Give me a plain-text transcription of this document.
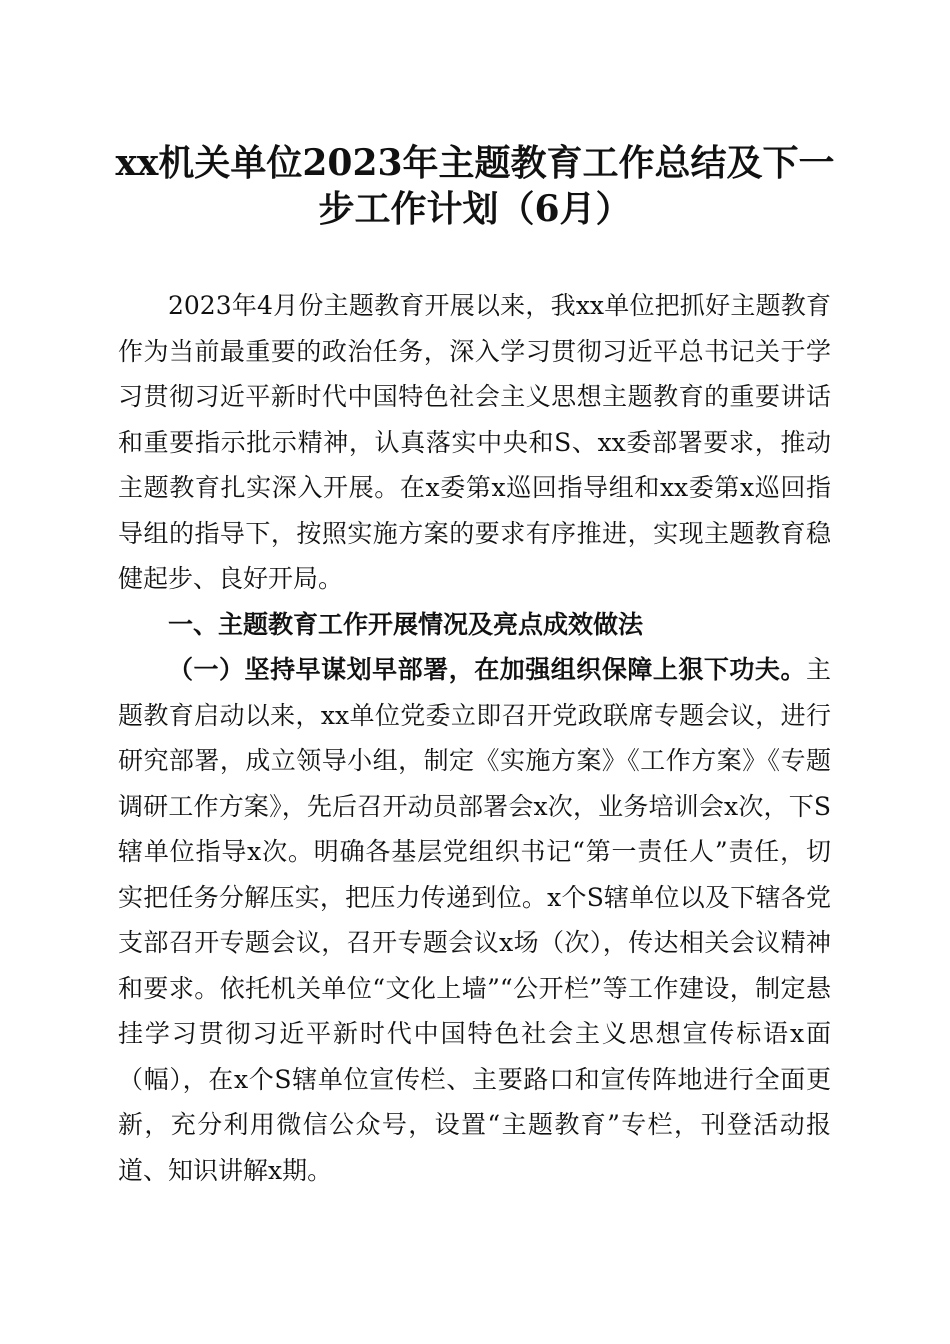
xx机关单位2023年主题教育工作总结及下一步工作计划（6月）

2023年4月份主题教育开展以来，我xx单位把抓好主题教育作为当前最重要的政治任务，深入学习贯彻习近平总书记关于学习贯彻习近平新时代中国特色社会主义思想主题教育的重要讲话和重要指示批示精神，认真落实中央和S、xx委部署要求，推动主题教育扎实深入开展。在x委第x巡回指导组和xx委第x巡回指导组的指导下，按照实施方案的要求有序推进，实现主题教育稳健起步、良好开局。

一、主题教育工作开展情况及亮点成效做法

（一）坚持早谋划早部署，在加强组织保障上狠下功夫。主题教育启动以来，xx单位党委立即召开党政联席专题会议，进行研究部署，成立领导小组，制定《实施方案》《工作方案》《专题调研工作方案》，先后召开动员部署会x次，业务培训会x次，下S辖单位指导x次。明确各基层党组织书记“第一责任人”责任，切实把任务分解压实，把压力传递到位。x个S辖单位以及下辖各党支部召开专题会议，召开专题会议x场（次），传达相关会议精神和要求。依托机关单位“文化上墙”“公开栏”等工作建设，制定悬挂学习贯彻习近平新时代中国特色社会主义思想宣传标语x面（幅），在x个S辖单位宣传栏、主要路口和宣传阵地进行全面更新，充分利用微信公众号，设置“主题教育”专栏，刊登活动报道、知识讲解x期。
